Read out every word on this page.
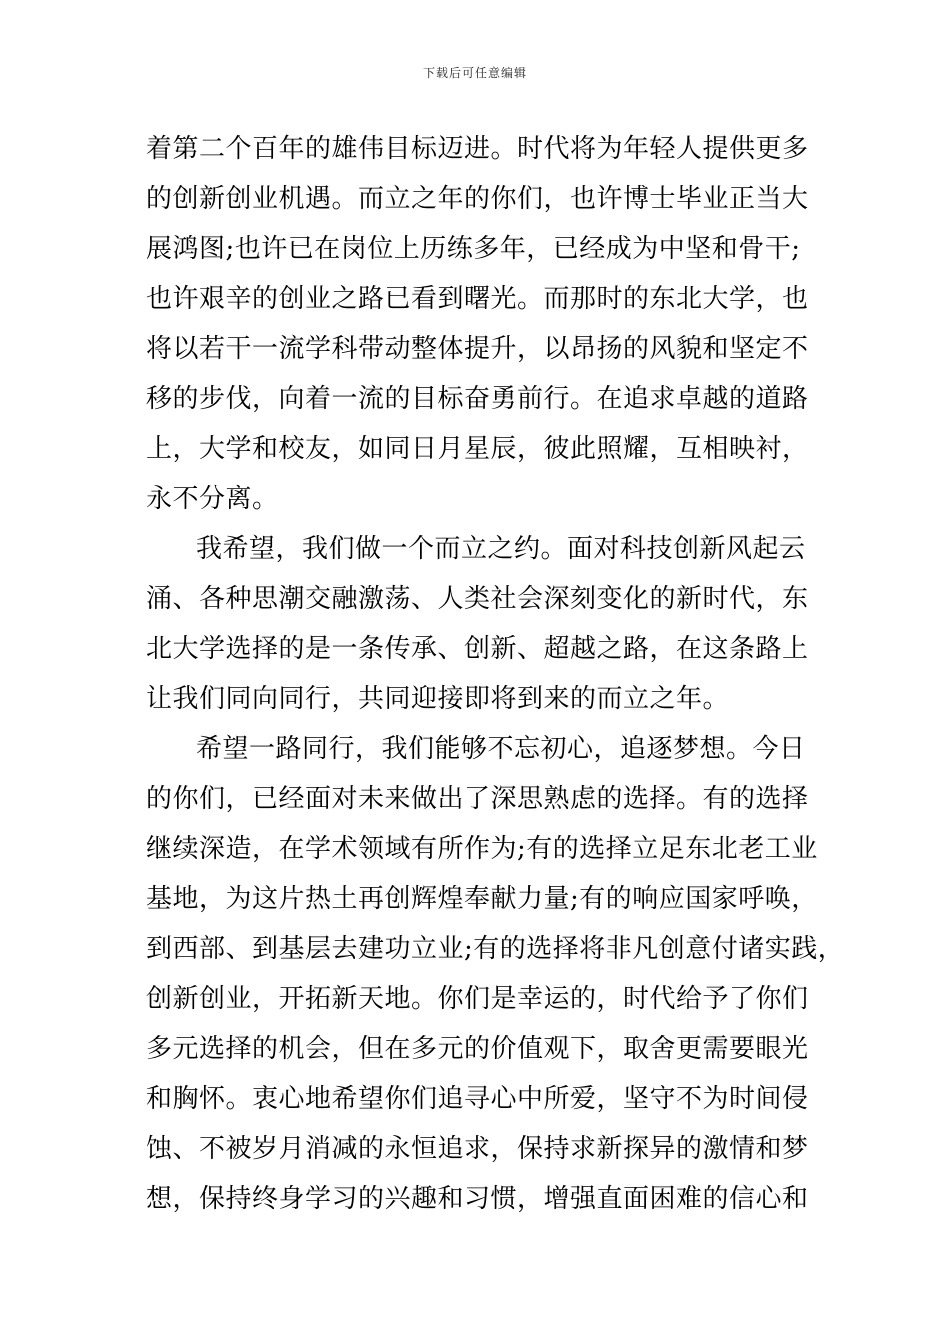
下载后可任意编辑
着第二个百年的雄伟目标迈进。时代将为年轻人提供更多
的创新创业机遇。而立之年的你们，也许博士毕业正当大
展鸿图;也许已在岗位上历练多年，已经成为中坚和骨干;
也许艰辛的创业之路已看到曙光。而那时的东北大学，也
将以若干一流学科带动整体提升，以昂扬的风貌和坚定不
移的步伐，向着一流的目标奋勇前行。在追求卓越的道路
上，大学和校友，如同日月星辰，彼此照耀，互相映衬，
永不分离。
我希望，我们做一个而立之约。面对科技创新风起云
涌、各种思潮交融激荡、人类社会深刻变化的新时代，东
北大学选择的是一条传承、创新、超越之路，在这条路上
让我们同向同行，共同迎接即将到来的而立之年。
希望一路同行，我们能够不忘初心，追逐梦想。今日
的你们，已经面对未来做出了深思熟虑的选择。有的选择
继续深造，在学术领域有所作为;有的选择立足东北老工业
基地，为这片热土再创辉煌奉献力量;有的响应国家呼唤，
到西部、到基层去建功立业;有的选择将非凡创意付诸实践，
创新创业，开拓新天地。你们是幸运的，时代给予了你们
多元选择的机会，但在多元的价值观下，取舍更需要眼光
和胸怀。衷心地希望你们追寻心中所爱，坚守不为时间侵
蚀、不被岁月消减的永恒追求，保持求新探异的激情和梦
想，保持终身学习的兴趣和习惯，增强直面困难的信心和
